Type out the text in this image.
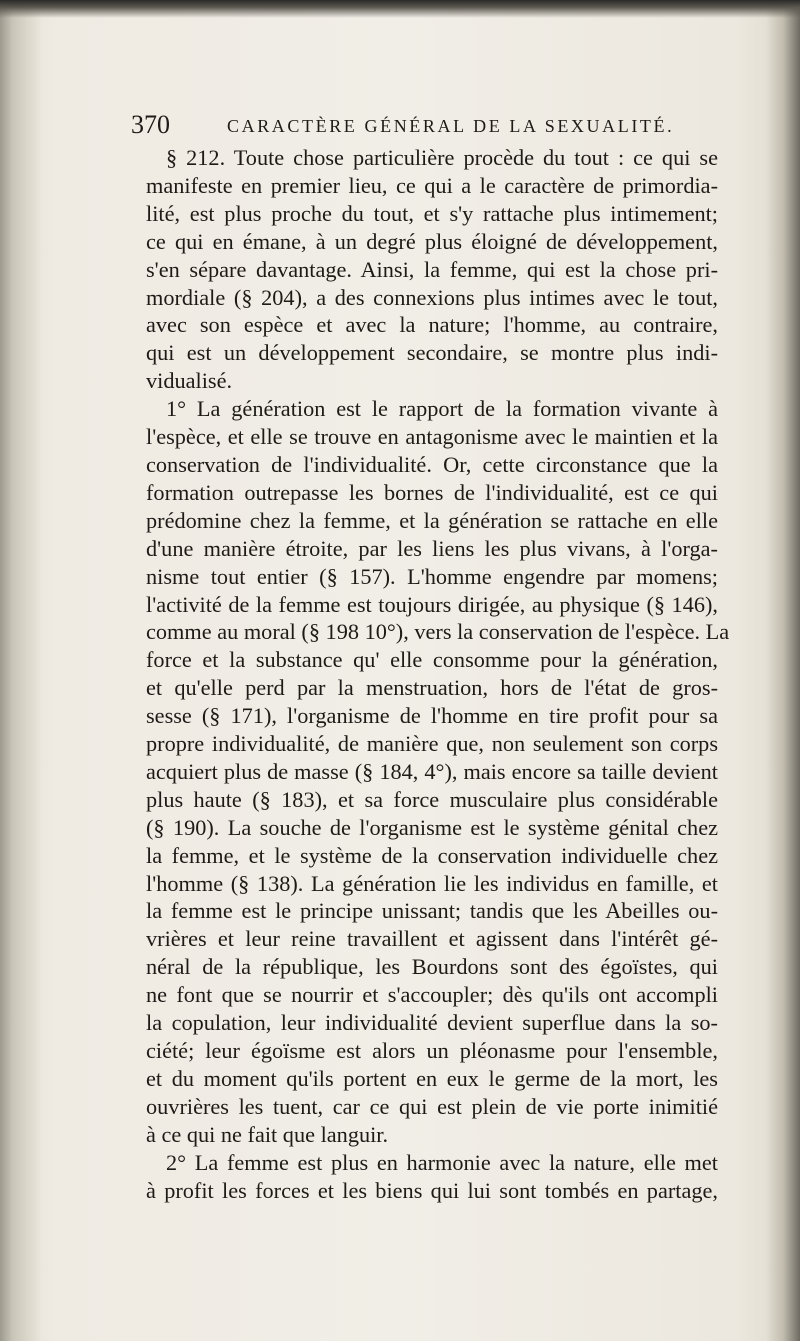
370	CARACTÈRE GÉNÉRAL DE LA SEXUALITÉ.
§ 212. Toute chose particulière procède du tout : ce qui se
manifeste en premier lieu, ce qui a le caractère de primordia-
lité, est plus proche du tout, et s'y rattache plus intimement;
ce qui en émane, à un degré plus éloigné de développement,
s'en sépare davantage. Ainsi, la femme, qui est la chose pri-
mordiale (§ 204), a des connexions plus intimes avec le tout,
avec son espèce et avec la nature; l'homme, au contraire,
qui est un développement secondaire, se montre plus indi-
vidualisé.
1° La génération est le rapport de la formation vivante à
l'espèce, et elle se trouve en antagonisme avec le maintien et la
conservation de l'individualité. Or, cette circonstance que la
formation outrepasse les bornes de l'individualité, est ce qui
prédomine chez la femme, et la génération se rattache en elle
d'une manière étroite, par les liens les plus vivans, à l'orga-
nisme tout entier (§ 157). L'homme engendre par momens;
l'activité de la femme est toujours dirigée, au physique (§ 146),
comme au moral (§ 198 10°), vers la conservation de l'espèce. La
force et la substance qu' elle consomme pour la génération,
et qu'elle perd par la menstruation, hors de l'état de gros-
sesse (§ 171), l'organisme de l'homme en tire profit pour sa
propre individualité, de manière que, non seulement son corps
acquiert plus de masse (§ 184, 4°), mais encore sa taille devient
plus haute (§ 183), et sa force musculaire plus considérable
(§ 190). La souche de l'organisme est le système génital chez
la femme, et le système de la conservation individuelle chez
l'homme (§ 138). La génération lie les individus en famille, et
la femme est le principe unissant; tandis que les Abeilles ou-
vrières et leur reine travaillent et agissent dans l'intérêt gé-
néral de la république, les Bourdons sont des égoïstes, qui
ne font que se nourrir et s'accoupler; dès qu'ils ont accompli
la copulation, leur individualité devient superflue dans la so-
ciété; leur égoïsme est alors un pléonasme pour l'ensemble,
et du moment qu'ils portent en eux le germe de la mort, les
ouvrières les tuent, car ce qui est plein de vie porte inimitié
à ce qui ne fait que languir.
2° La femme est plus en harmonie avec la nature, elle met
à profit les forces et les biens qui lui sont tombés en partage,
